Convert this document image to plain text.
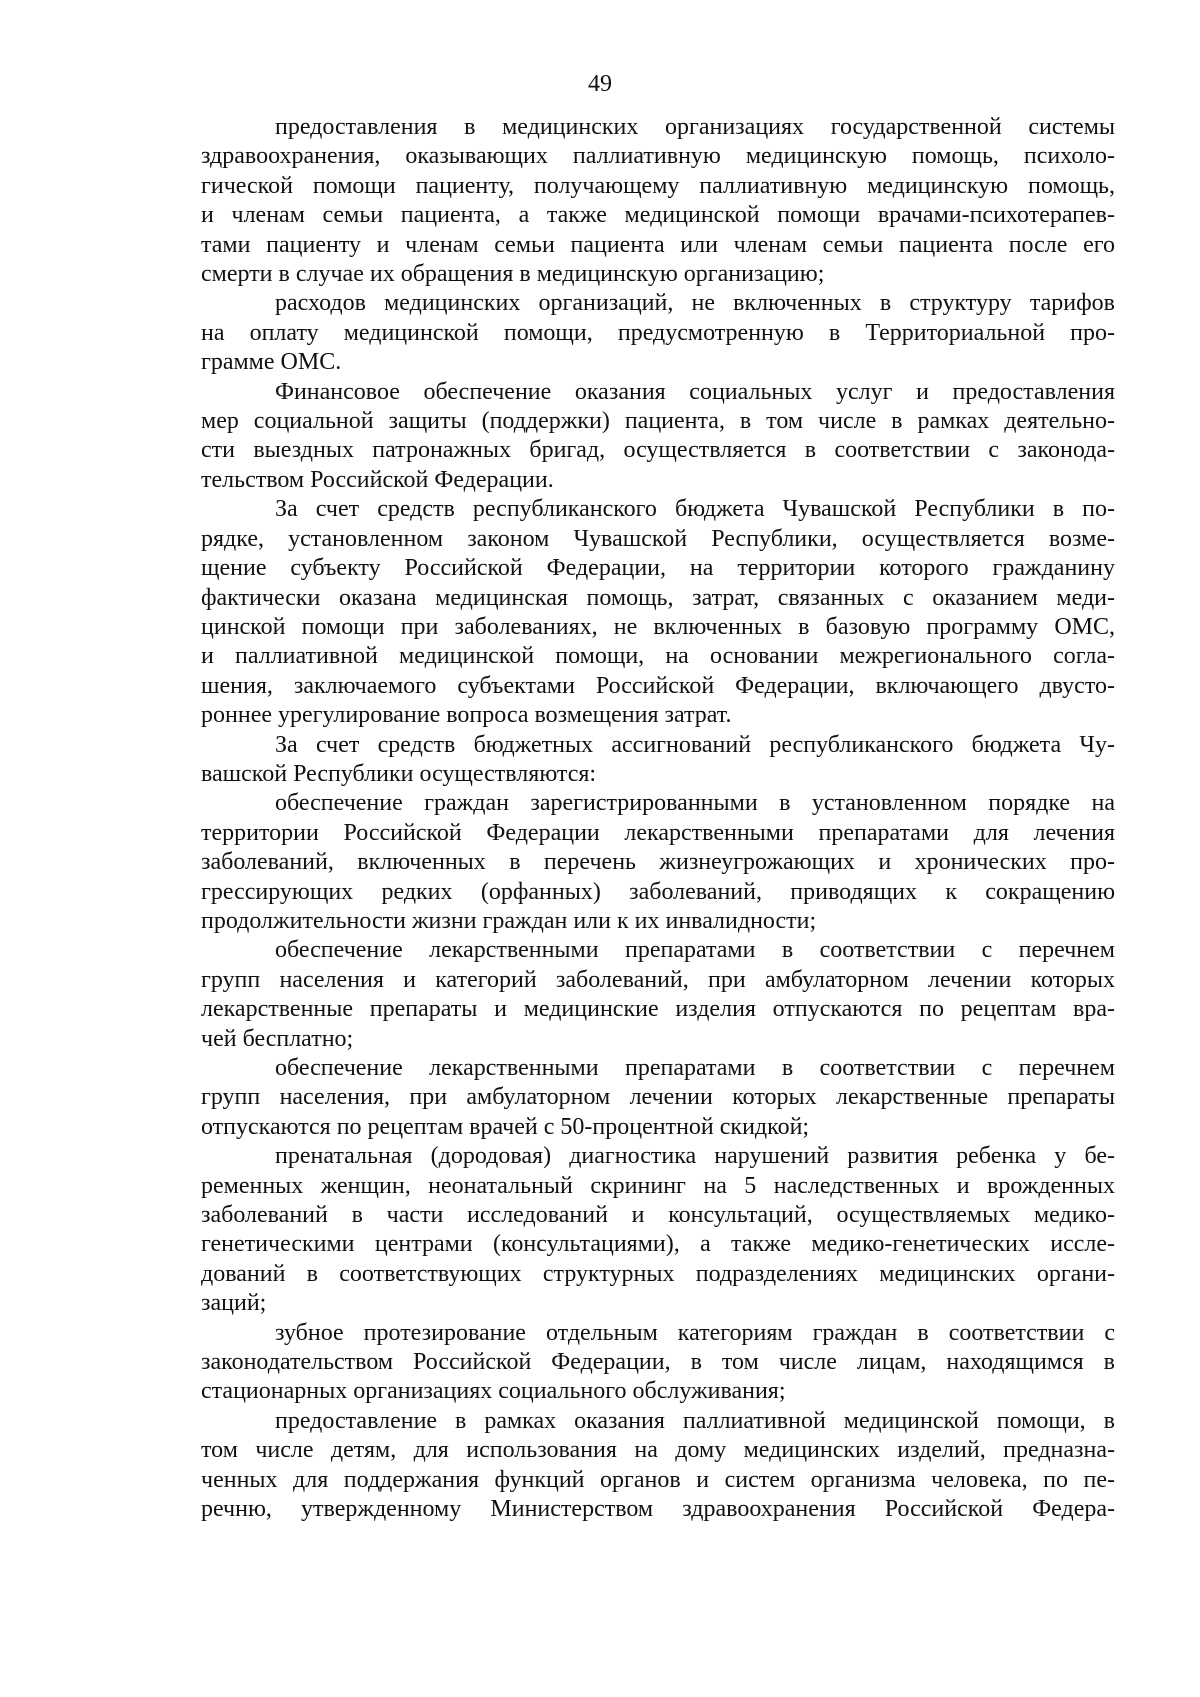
49
предоставления в медицинских организациях государственной системы
здравоохранения, оказывающих паллиативную медицинскую помощь, психоло-
гической помощи пациенту, получающему паллиативную медицинскую помощь,
и членам семьи пациента, а также медицинской помощи врачами-психотерапев-
тами пациенту и членам семьи пациента или членам семьи пациента после его
смерти в случае их обращения в медицинскую организацию;
расходов медицинских организаций, не включенных в структуру тарифов
на оплату медицинской помощи, предусмотренную в Территориальной про-
грамме ОМС.
Финансовое обеспечение оказания социальных услуг и предоставления
мер социальной защиты (поддержки) пациента, в том числе в рамках деятельно-
сти выездных патронажных бригад, осуществляется в соответствии с законода-
тельством Российской Федерации.
За счет средств республиканского бюджета Чувашской Республики в по-
рядке, установленном законом Чувашской Республики, осуществляется возме-
щение субъекту Российской Федерации, на территории которого гражданину
фактически оказана медицинская помощь, затрат, связанных с оказанием меди-
цинской помощи при заболеваниях, не включенных в базовую программу ОМС,
и паллиативной медицинской помощи, на основании межрегионального согла-
шения, заключаемого субъектами Российской Федерации, включающего двусто-
роннее урегулирование вопроса возмещения затрат.
За счет средств бюджетных ассигнований республиканского бюджета Чу-
вашской Республики осуществляются:
обеспечение граждан зарегистрированными в установленном порядке на
территории Российской Федерации лекарственными препаратами для лечения
заболеваний, включенных в перечень жизнеугрожающих и хронических про-
грессирующих редких (орфанных) заболеваний, приводящих к сокращению
продолжительности жизни граждан или к их инвалидности;
обеспечение лекарственными препаратами в соответствии с перечнем
групп населения и категорий заболеваний, при амбулаторном лечении которых
лекарственные препараты и медицинские изделия отпускаются по рецептам вра-
чей бесплатно;
обеспечение лекарственными препаратами в соответствии с перечнем
групп населения, при амбулаторном лечении которых лекарственные препараты
отпускаются по рецептам врачей с 50-процентной скидкой;
пренатальная (дородовая) диагностика нарушений развития ребенка у бе-
ременных женщин, неонатальный скрининг на 5 наследственных и врожденных
заболеваний в части исследований и консультаций, осуществляемых медико-
генетическими центрами (консультациями), а также медико-генетических иссле-
дований в соответствующих структурных подразделениях медицинских органи-
заций;
зубное протезирование отдельным категориям граждан в соответствии с
законодательством Российской Федерации, в том числе лицам, находящимся в
стационарных организациях социального обслуживания;
предоставление в рамках оказания паллиативной медицинской помощи, в
том числе детям, для использования на дому медицинских изделий, предназна-
ченных для поддержания функций органов и систем организма человека, по пе-
речню, утвержденному Министерством здравоохранения Российской Федера-
